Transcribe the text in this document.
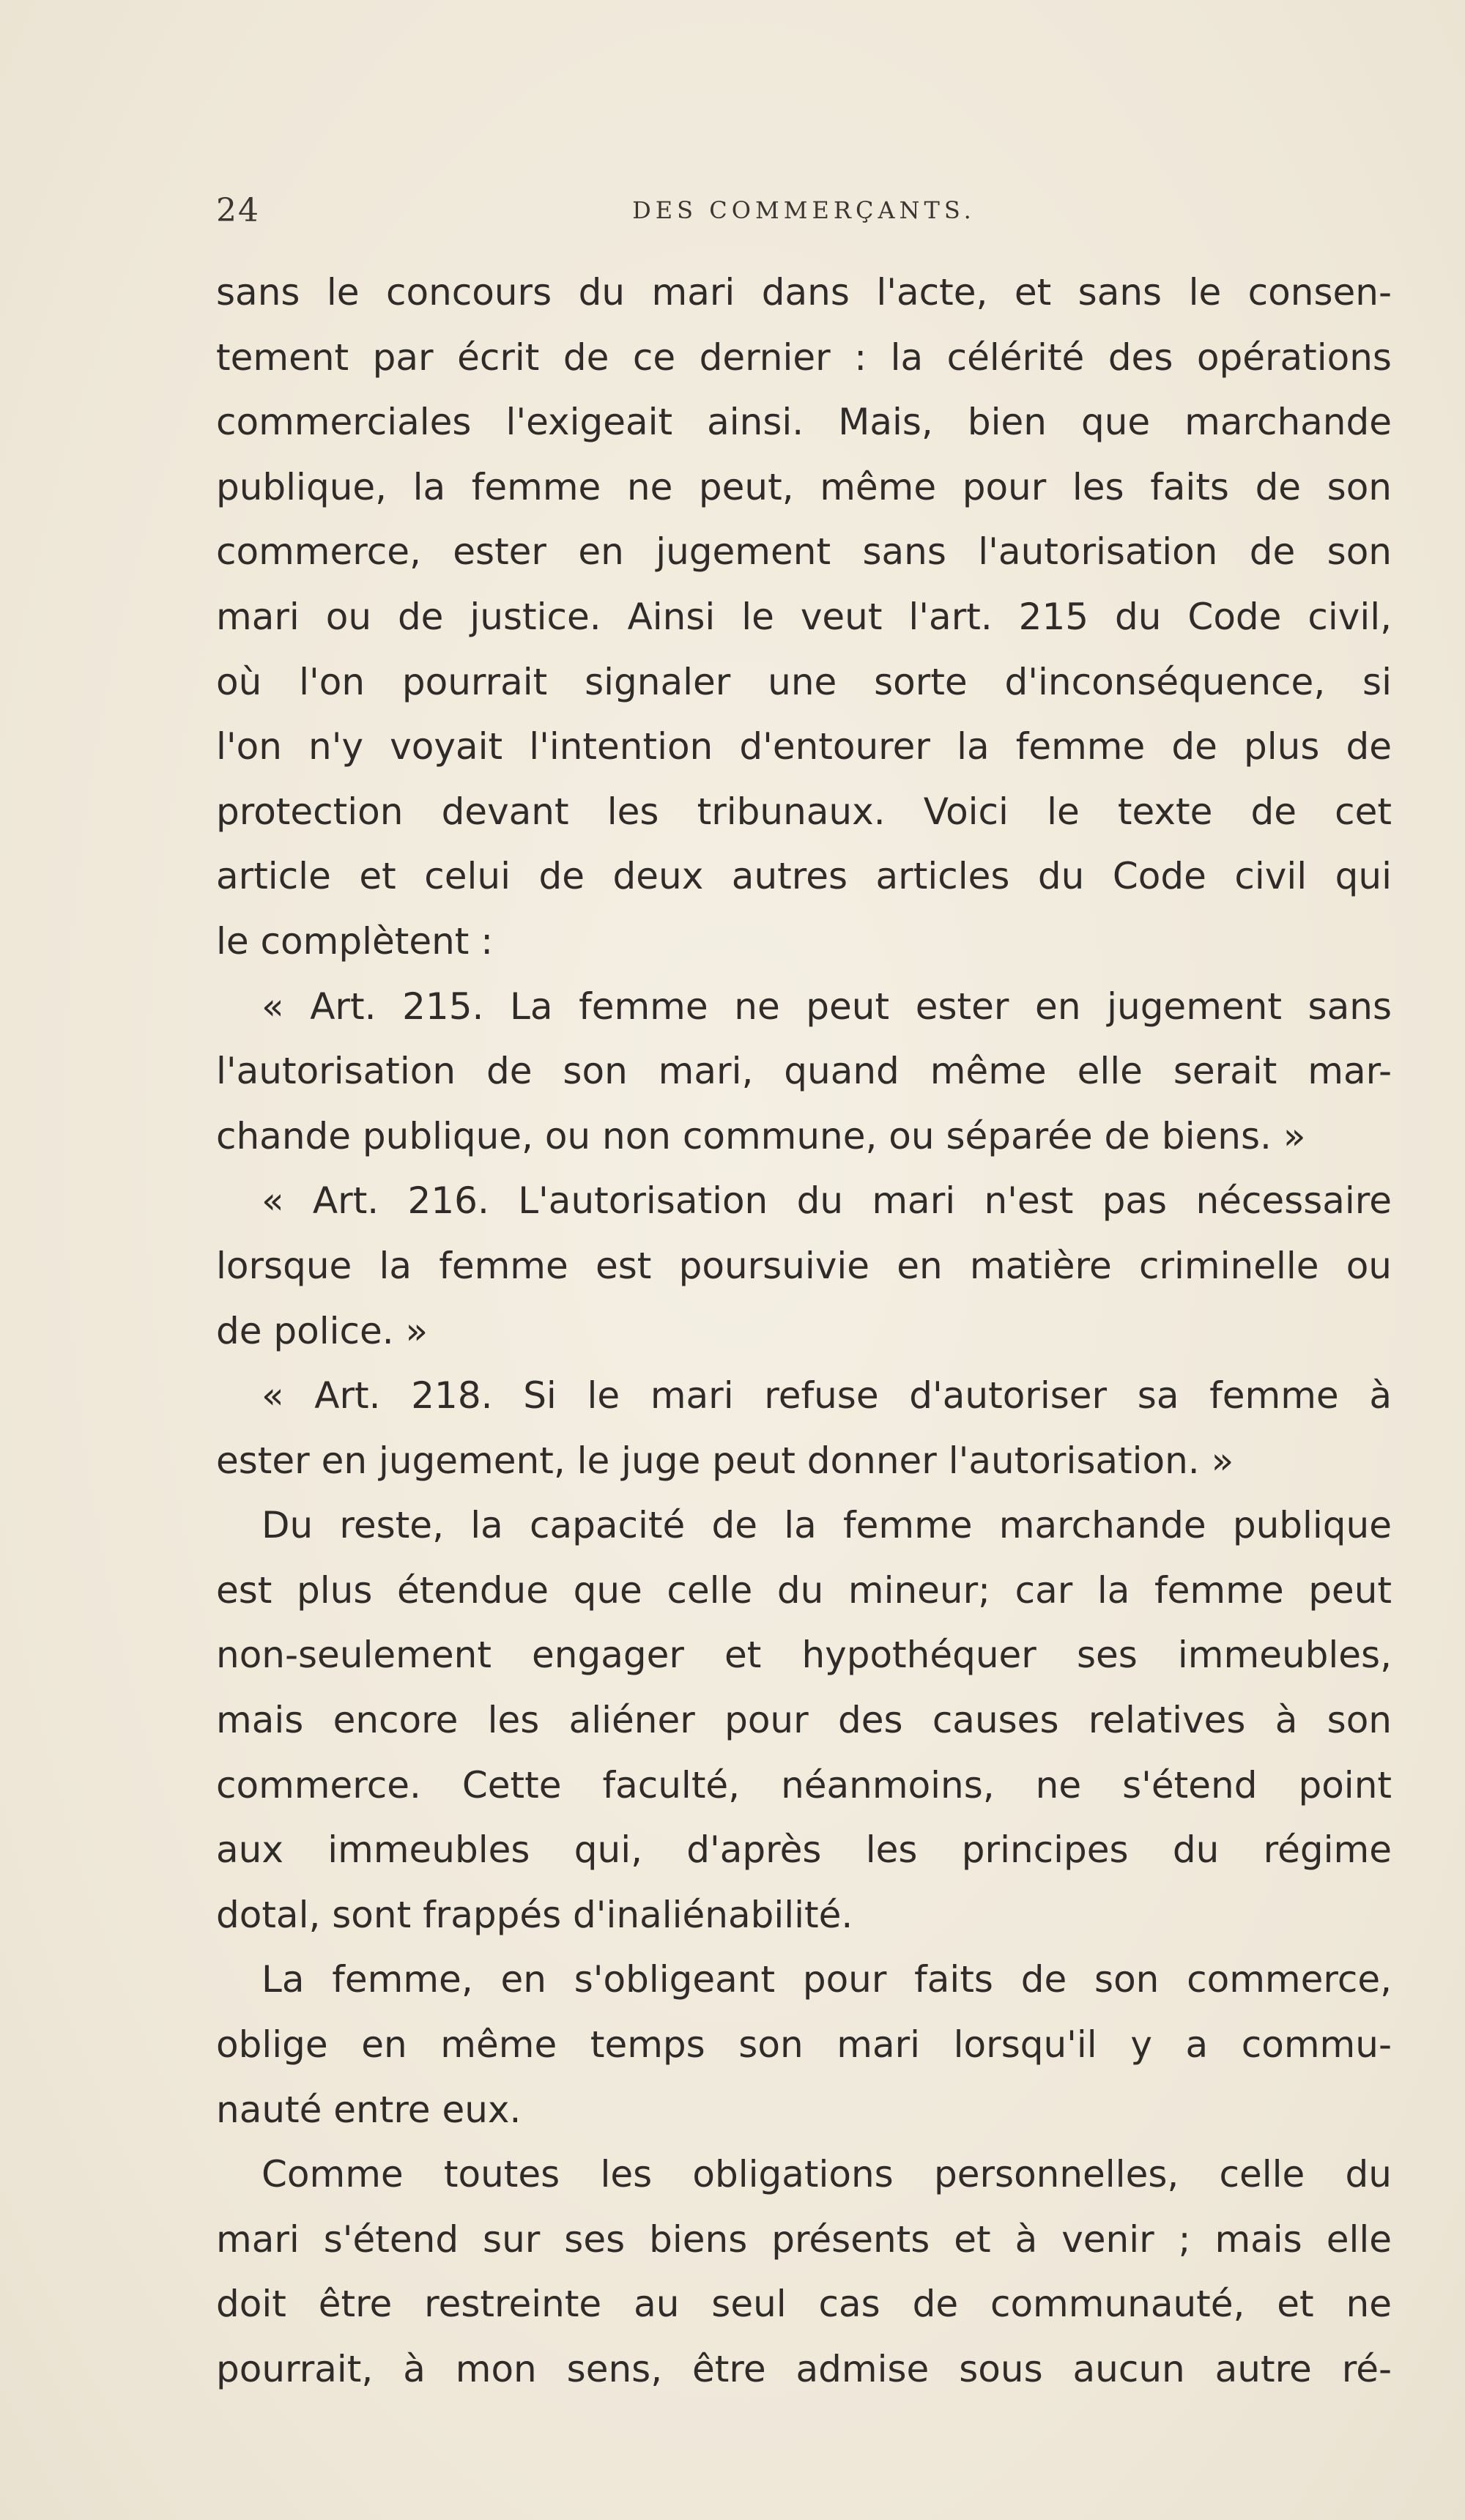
24	DES COMMERÇANTS.
sans le concours du mari dans l'acte, et sans le consen-
tement par écrit de ce dernier : la célérité des opérations
commerciales l'exigeait ainsi. Mais, bien que marchande
publique, la femme ne peut, même pour les faits de son
commerce, ester en jugement sans l'autorisation de son
mari ou de justice. Ainsi le veut l'art. 215 du Code civil,
où l'on pourrait signaler une sorte d'inconséquence, si
l'on n'y voyait l'intention d'entourer la femme de plus de
protection devant les tribunaux. Voici le texte de cet
article et celui de deux autres articles du Code civil qui
le complètent :
« Art. 215. La femme ne peut ester en jugement sans
l'autorisation de son mari, quand même elle serait mar-
chande publique, ou non commune, ou séparée de biens. »
« Art. 216. L'autorisation du mari n'est pas nécessaire
lorsque la femme est poursuivie en matière criminelle ou
de police. »
« Art. 218. Si le mari refuse d'autoriser sa femme à
ester en jugement, le juge peut donner l'autorisation. »
Du reste, la capacité de la femme marchande publique
est plus étendue que celle du mineur; car la femme peut
non-seulement engager et hypothéquer ses immeubles,
mais encore les aliéner pour des causes relatives à son
commerce. Cette faculté, néanmoins, ne s'étend point
aux immeubles qui, d'après les principes du régime
dotal, sont frappés d'inaliénabilité.
La femme, en s'obligeant pour faits de son commerce,
oblige en même temps son mari lorsqu'il y a commu-
nauté entre eux.
Comme toutes les obligations personnelles, celle du
mari s'étend sur ses biens présents et à venir ; mais elle
doit être restreinte au seul cas de communauté, et ne
pourrait, à mon sens, être admise sous aucun autre ré-
